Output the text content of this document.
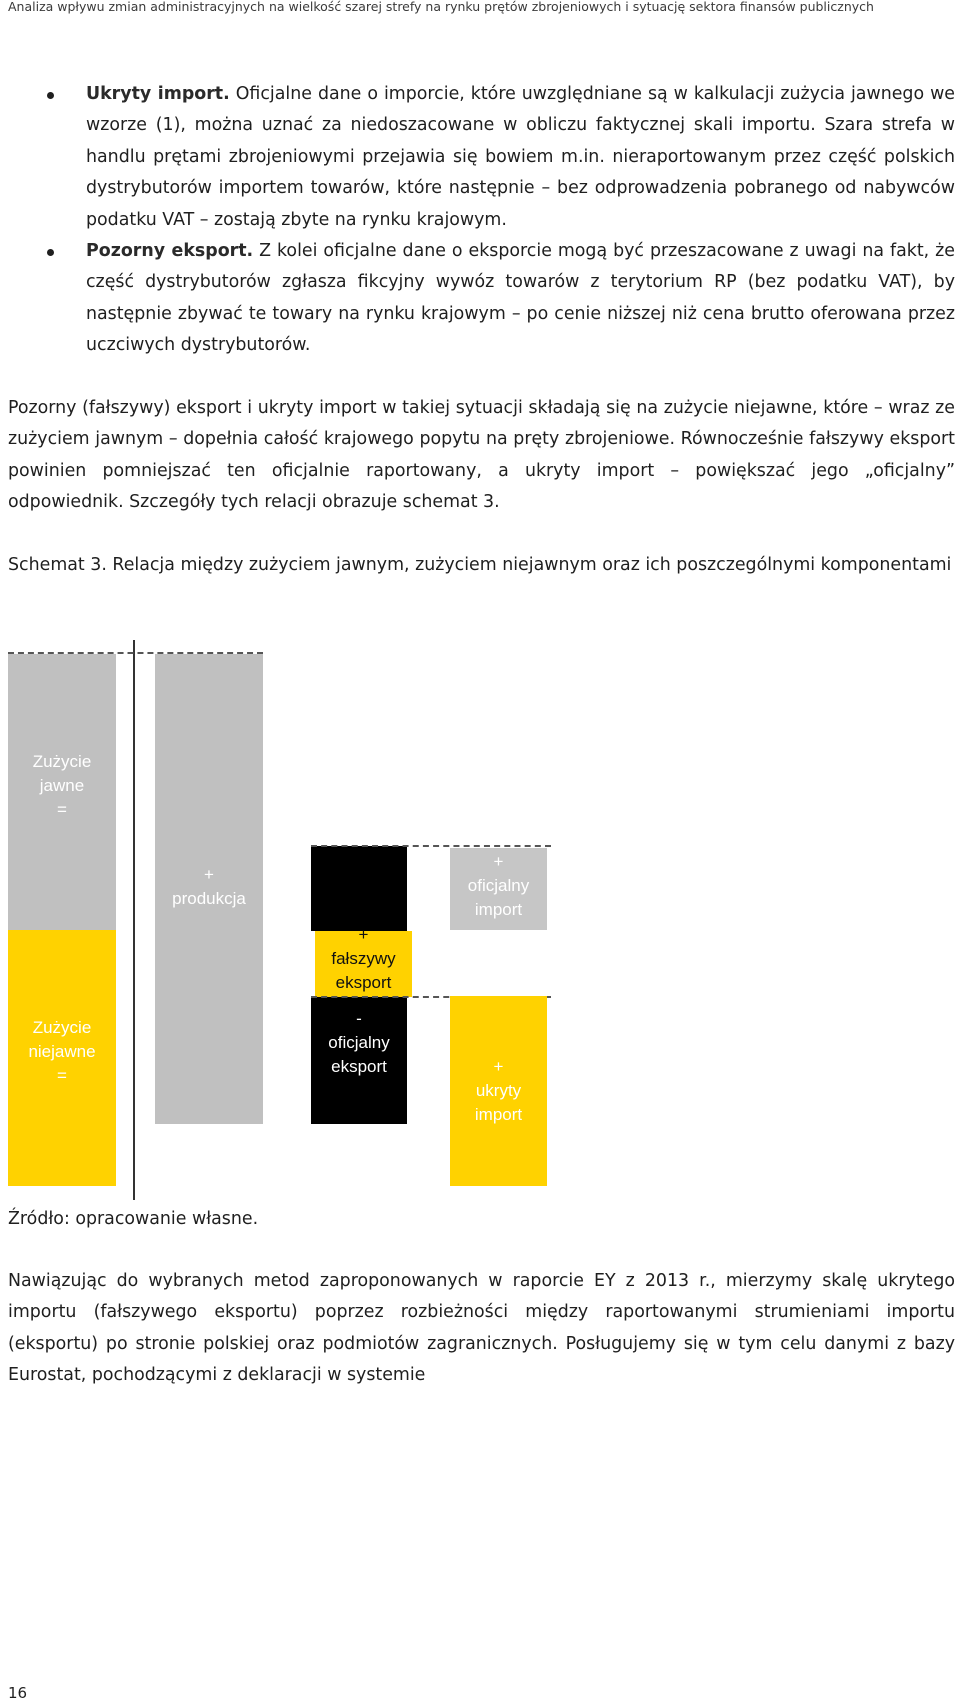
Analiza wpływu zmian administracyjnych na wielkość szarej strefy na rynku prętów zbrojeniowych i sytuację sektora finansów publicznych
Ukryty import. Oficjalne dane o imporcie, które uwzględniane są w kalkulacji zużycia jawnego we wzorze (1), można uznać za niedoszacowane w obliczu faktycznej skali importu. Szara strefa w handlu prętami zbrojeniowymi przejawia się bowiem m.in. nieraportowanym przez część polskich dystrybutorów importem towarów, które następnie – bez odprowadzenia pobranego od nabywców podatku VAT – zostają zbyte na rynku krajowym.
Pozorny eksport. Z kolei oficjalne dane o eksporcie mogą być przeszacowane z uwagi na fakt, że część dystrybutorów zgłasza fikcyjny wywóz towarów z terytorium RP (bez podatku VAT), by następnie zbywać te towary na rynku krajowym – po cenie niższej niż cena brutto oferowana przez uczciwych dystrybutorów.
Pozorny (fałszywy) eksport i ukryty import w takiej sytuacji składają się na zużycie niejawne, które – wraz ze zużyciem jawnym – dopełnia całość krajowego popytu na pręty zbrojeniowe. Równocześnie fałszywy eksport powinien pomniejszać ten oficjalnie raportowany, a ukryty import – powiększać jego „oficjalny” odpowiednik. Szczegóły tych relacji obrazuje schemat 3.
Schemat 3. Relacja między zużyciem jawnym, zużyciem niejawnym oraz ich poszczególnymi komponentami
Zużycie
jawne
=
Zużycie
niejawne
=
+
produkcja
+
fałszywy
eksport
-
oficjalny
eksport
+
oficjalny
import
+
ukryty
import
Źródło: opracowanie własne.
Nawiązując do wybranych metod zaproponowanych w raporcie EY z 2013 r., mierzymy skalę ukrytego importu (fałszywego eksportu) poprzez rozbieżności między raportowanymi strumieniami importu (eksportu) po stronie polskiej oraz podmiotów zagranicznych. Posługujemy się w tym celu danymi z bazy Eurostat, pochodzącymi z deklaracji w systemie
16
